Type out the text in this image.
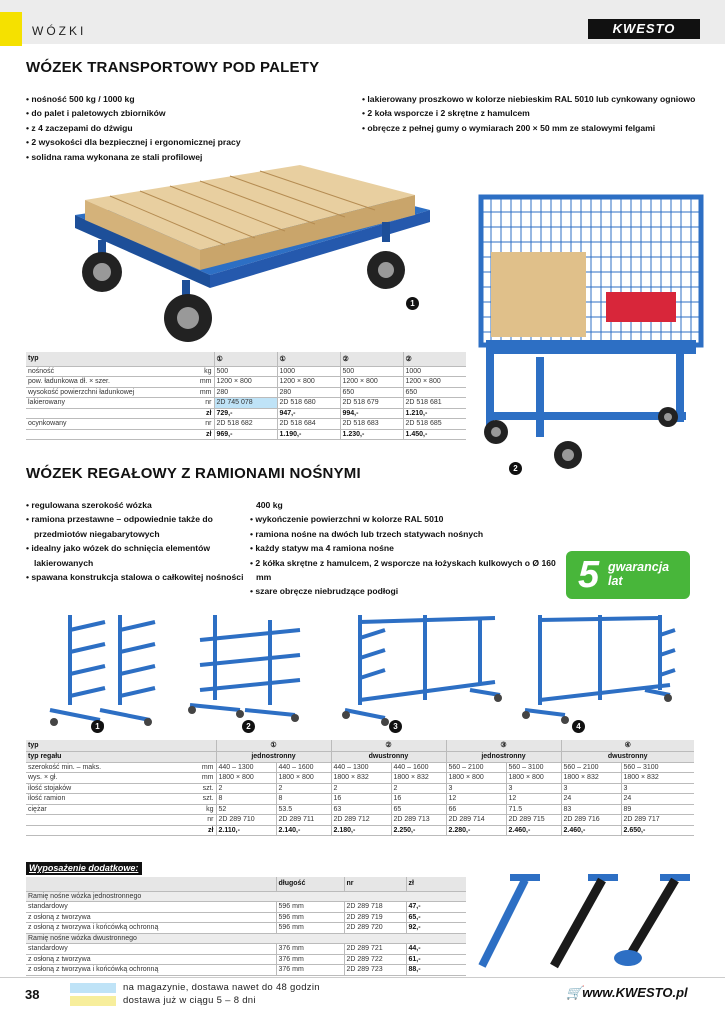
WÓZKI	KWESTO
WÓZEK TRANSPORTOWY POD PALETY
• nośność 500 kg / 1000 kg
• do palet i paletowych zbiorników
• z 4 zaczepami do dźwigu
• 2 wysokości dla bezpiecznej i ergonomicznej pracy
• solidna rama wykonana ze stali profilowej
• lakierowany proszkowo w kolorze niebieskim RAL 5010 lub cynkowany ogniowo
• 2 koła wsporcze i 2 skrętne z hamulcem
• obręcze z pełnej gumy o wymiarach 200 × 50 mm ze stalowymi felgami
1
2
typ		①	①	②	②
nośność	kg	500	1000	500	1000
pow. ładunkowa dł. × szer.	mm	1200 × 800	1200 × 800	1200 × 800	1200 × 800
wysokość powierzchni ładunkowej	mm	280	280	650	650
lakierowany	nr	2D 745 078	2D 518 680	2D 518 679	2D 518 681
	zł	729,-	947,-	994,-	1.210,-
ocynkowany	nr	2D 518 682	2D 518 684	2D 518 683	2D 518 685
	zł	969,-	1.190,-	1.230,-	1.450,-
WÓZEK REGAŁOWY Z RAMIONAMI NOŚNYMI
• regulowana szerokość wózka
• ramiona przestawne – odpowiednie także do
przedmiotów niegabarytowych
• idealny jako wózek do schnięcia elementów
lakierowanych
• spawana konstrukcja stalowa o całkowitej nośności
400 kg
• wykończenie powierzchni w kolorze RAL 5010
• ramiona nośne na dwóch lub trzech statywach nośnych
• każdy statyw ma 4 ramiona nośne
• 2 kółka skrętne z hamulcem, 2 wsporcze na łożyskach kulkowych o Ø 160
mm
• szare obręcze niebrudzące podłogi	5 gwarancja
lat
1	2	3	4
typ		①		②		③		④	
typ regału		jednostronny		dwustronny		jednostronny		dwustronny	
szerokość min. – maks.	mm	440 – 1300	440 – 1600	440 – 1300	440 – 1600	560 – 2100	560 – 3100	560 – 2100	560 – 3100
wys. × gł.	mm	1800 × 800	1800 × 800	1800 × 832	1800 × 832	1800 × 800	1800 × 800	1800 × 832	1800 × 832
ilość stojaków	szt.	2	2	2	2	3	3	3	3
ilość ramion	szt.	8	8	16	16	12	12	24	24
ciężar	kg	52	53.5	63	65	66	71.5	83	89
	nr	2D 289 710	2D 289 711	2D 289 712	2D 289 713	2D 289 714	2D 289 715	2D 289 716	2D 289 717
	zł	2.110,-	2.140,-	2.180,-	2.250,-	2.280,-	2.460,-	2.460,-	2.650,-
Wyposażenie dodatkowe:
	długość	nr	zł
Ramię nośne wózka jednostronnego			
standardowy	596 mm	2D 289 718	47,-
z osłoną z tworzywa	596 mm	2D 289 719	65,-
z osłoną z tworzywa i końcówką ochronną	596 mm	2D 289 720	92,-
Ramię nośne wózka dwustronnego			
standardowy	376 mm	2D 289 721	44,-
z osłoną z tworzywa	376 mm	2D 289 722	61,-
z osłoną z tworzywa i końcówką ochronną	376 mm	2D 289 723	88,-
38	na magazynie, dostawa nawet do 48 godzin
dostawa już w ciągu 5 – 8 dni
🛒www.KWESTO.pl
